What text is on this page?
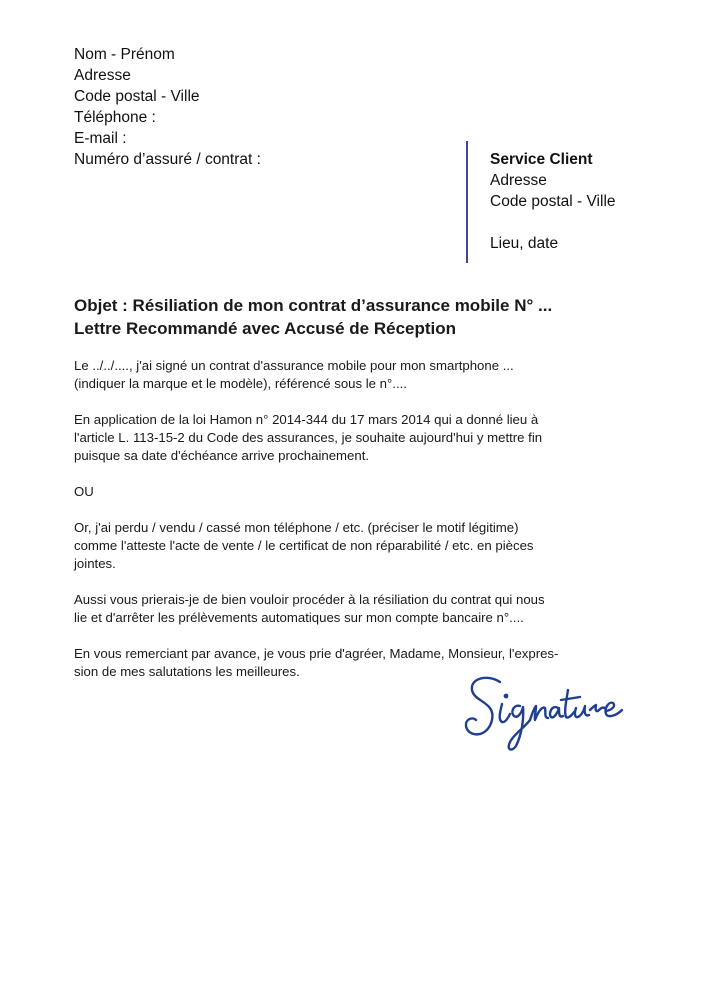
Nom - Prénom
Adresse
Code postal - Ville
Téléphone :
E-mail :
Numéro d’assuré / contrat :	Service Client
Adresse
Code postal - Ville
Lieu, date
Objet : Résiliation de mon contrat d’assurance mobile N° ...
Lettre Recommandé avec Accusé de Réception

Le ../../...., j'ai signé un contrat d'assurance mobile pour mon smartphone ...
(indiquer la marque et le modèle), référencé sous le n°....

En application de la loi Hamon n° 2014-344 du 17 mars 2014 qui a donné lieu à
l'article L. 113-15-2 du Code des assurances, je souhaite aujourd'hui y mettre fin
puisque sa date d'échéance arrive prochainement.

OU

Or, j'ai perdu / vendu / cassé mon téléphone / etc. (préciser le motif légitime)
comme l'atteste l'acte de vente / le certificat de non réparabilité / etc. en pièces
jointes.

Aussi vous prierais-je de bien vouloir procéder à la résiliation du contrat qui nous
lie et d'arrêter les prélèvements automatiques sur mon compte bancaire n°....

En vous remerciant par avance, je vous prie d'agréer, Madame, Monsieur, l'expres-
sion de mes salutations les meilleures.
